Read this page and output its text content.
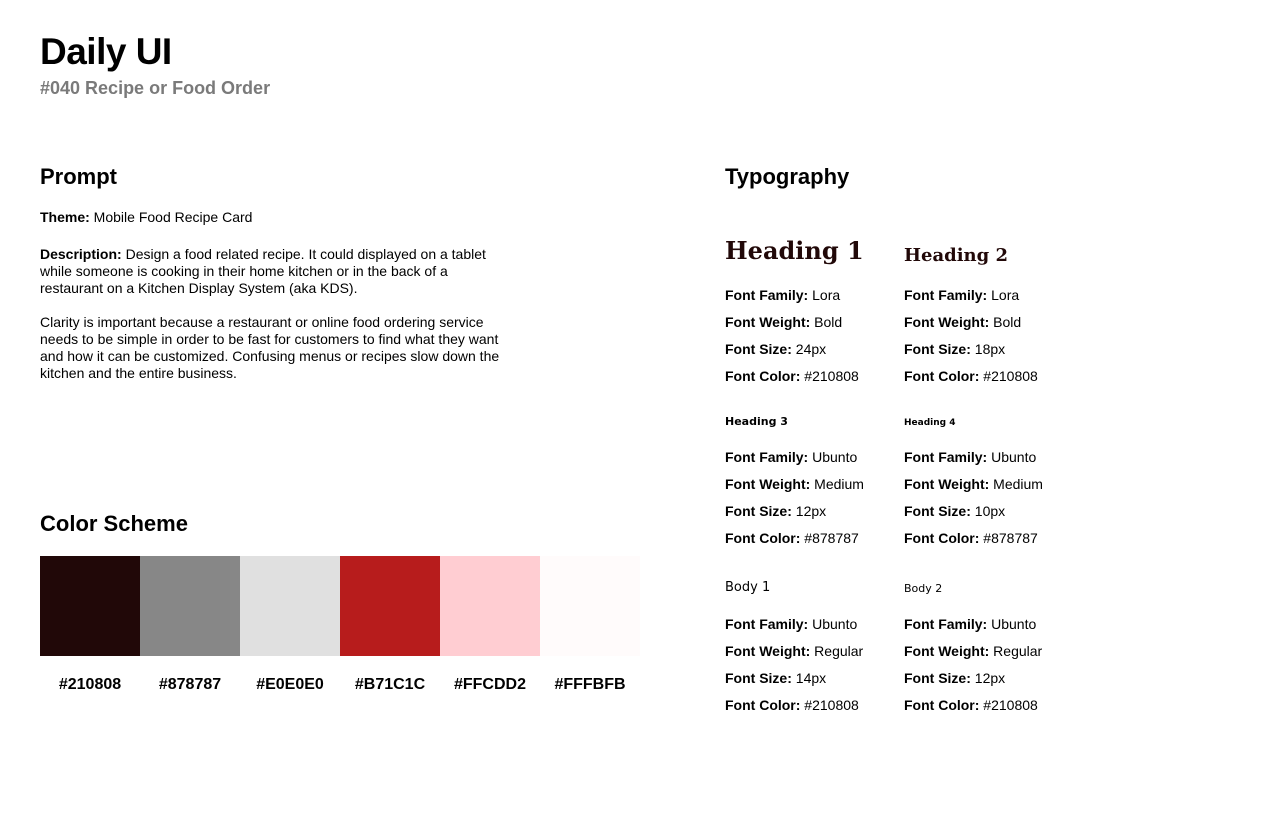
Daily UI
#040 Recipe or Food Order
Prompt
Theme: Mobile Food Recipe Card
Description: Design a food related recipe. It could displayed on a tablet while someone is cooking in their home kitchen or in the back of a restaurant on a Kitchen Display System (aka KDS).
Clarity is important because a restaurant or online food ordering service needs to be simple in order to be fast for customers to find what they want and how it can be customized. Confusing menus or recipes slow down the kitchen and the entire business.
Color Scheme
#210808	#878787	#E0E0E0	#B71C1C	#FFCDD2	#FFFBFB
Typography
Heading 1
Font Family: Lora
Font Weight: Bold
Font Size: 24px
Font Color: #210808
Heading 2
Font Family: Lora
Font Weight: Bold
Font Size: 18px
Font Color: #210808
Heading 3
Font Family: Ubunto
Font Weight: Medium
Font Size: 12px
Font Color: #878787
Heading 4
Font Family: Ubunto
Font Weight: Medium
Font Size: 10px
Font Color: #878787
Body 1
Font Family: Ubunto
Font Weight: Regular
Font Size: 14px
Font Color: #210808
Body 2
Font Family: Ubunto
Font Weight: Regular
Font Size: 12px
Font Color: #210808
